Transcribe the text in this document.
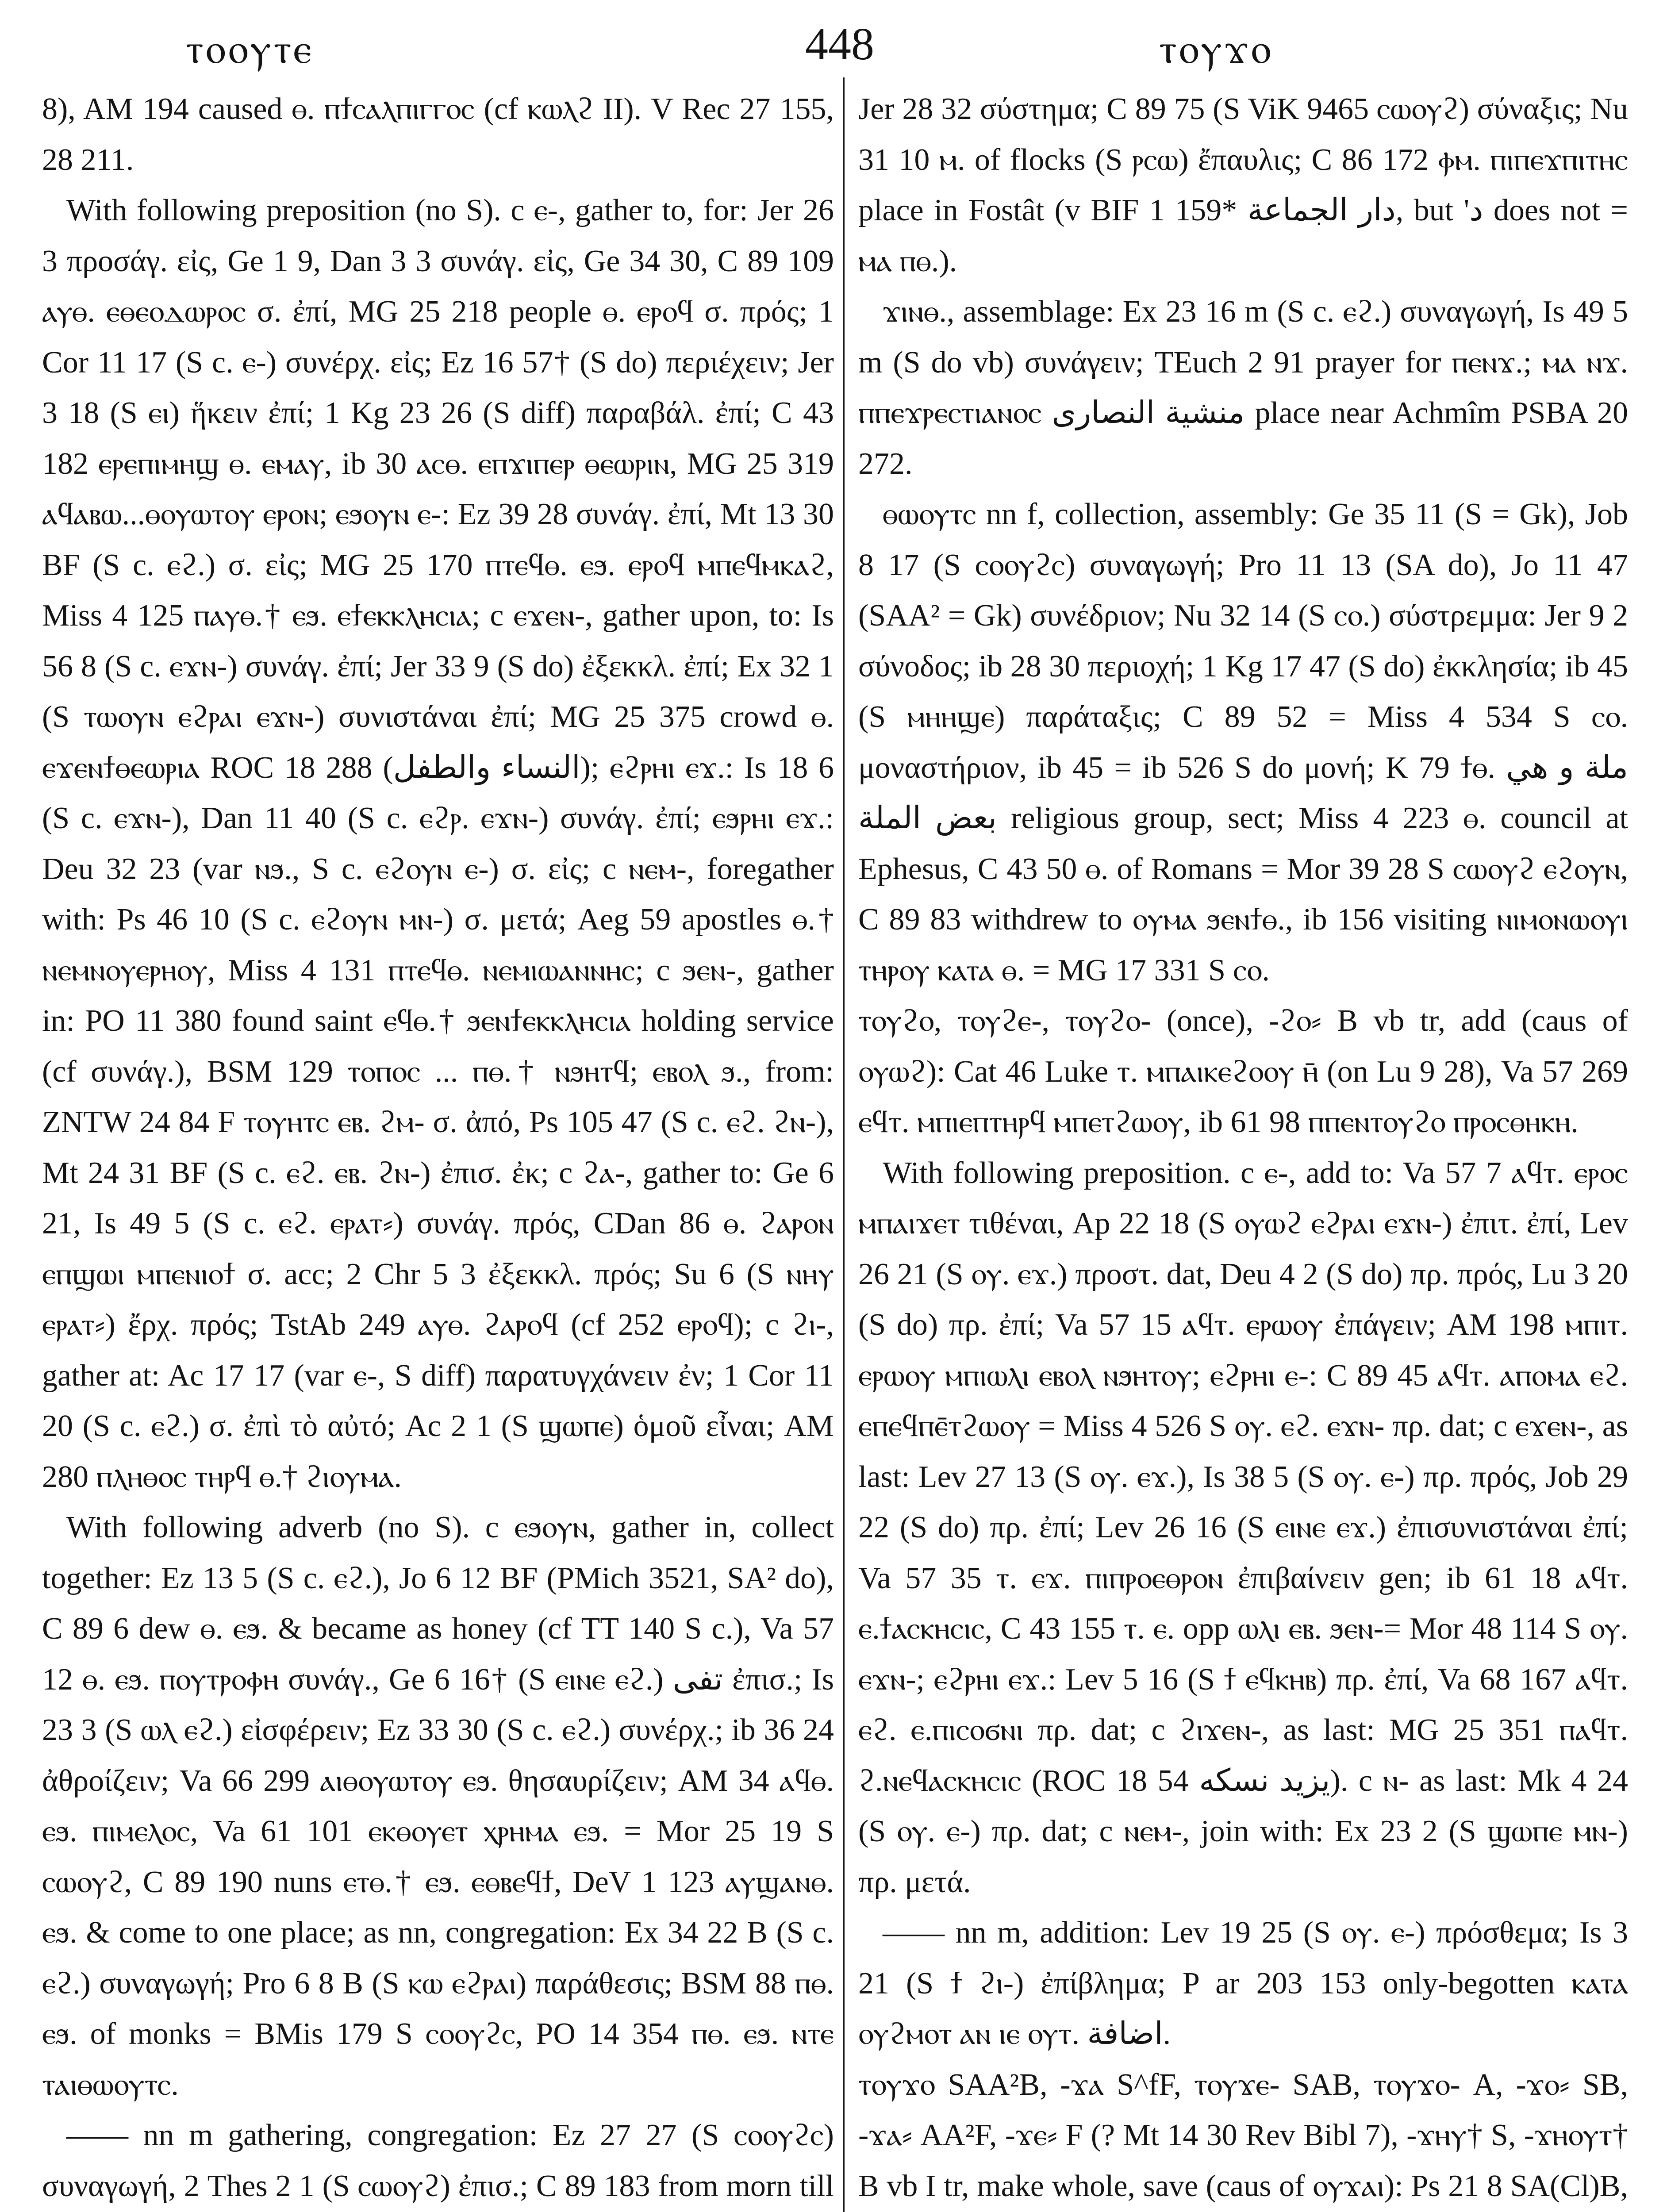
ⲧⲟⲟⲩⲧⲉ	448	ⲧⲟⲩϫⲟ

8), AM 194 caused ⲑ. ⲡϯⲥⲁⲗⲡⲓⲅⲅⲟⲥ (cf ⲕⲱⲗϩ II). V Rec 27 155, 28 211.

With following preposition (no S). c ⲉ-, gather to, for: Jer 26 3 προσάγ. εἰς, Ge 1 9, Dan 3 3 συνάγ. εἰς, Ge 34 30, C 89 109 ⲁⲩⲑ. ⲉⲑⲉⲟⲇⲱⲣⲟⲥ σ. ἐπί, MG 25 218 people ⲑ. ⲉⲣⲟϥ σ. πρός; 1 Cor 11 17 (S c. ⲉ-) συνέρχ. εἰς; Ez 16 57† (S do) περιέχειν; Jer 3 18 (S ⲉⲓ) ἥκειν ἐπί; 1 Kg 23 26 (S diff) παραβάλ. ἐπί; C 43 182 ⲉⲣⲉⲡⲓⲙⲏϣ ⲑ. ⲉⲙⲁⲩ, ib 30 ⲁⲥⲑ. ⲉⲡϫⲓⲡⲉⲣ ⲑⲉⲱⲣⲓⲛ, MG 25 319 ⲁϥⲁⲃⲱ...ⲑⲟⲩⲱⲧⲟⲩ ⲉⲣⲟⲛ; ⲉϧⲟⲩⲛ ⲉ-: Ez 39 28 συνάγ. ἐπί, Mt 13 30 BF (S c. ⲉϩ.) σ. εἰς; MG 25 170 ⲡⲧⲉϥⲑ. ⲉϧ. ⲉⲣⲟϥ ⲙⲡⲉϥⲙⲕⲁϩ, Miss 4 125 ⲡⲁⲩⲑ.† ⲉϧ. ⲉϯⲉⲕⲕⲗⲏⲥⲓⲁ; c ⲉϫⲉⲛ-, gather upon, to: Is 56 8 (S c. ⲉϫⲛ-) συνάγ. ἐπί; Jer 33 9 (S do) ἐξεκκλ. ἐπί; Ex 32 1 (S ⲧⲱⲟⲩⲛ ⲉϩⲣⲁⲓ ⲉϫⲛ-) συνιστάναι ἐπί; MG 25 375 crowd ⲑ. ⲉϫⲉⲛϯⲑⲉⲱⲣⲓⲁ ROC 18 288 (النساء والطفل); ⲉϩⲣⲏⲓ ⲉϫ.: Is 18 6 (S c. ⲉϫⲛ-), Dan 11 40 (S c. ⲉϩⲣ. ⲉϫⲛ-) συνάγ. ἐπί; ⲉϧⲣⲏⲓ ⲉϫ.: Deu 32 23 (var ⲛϧ., S c. ⲉϩⲟⲩⲛ ⲉ-) σ. εἰς; c ⲛⲉⲙ-, foregather with: Ps 46 10 (S c. ⲉϩⲟⲩⲛ ⲙⲛ-) σ. μετά; Aeg 59 apostles ⲑ.† ⲛⲉⲙⲛⲟⲩⲉⲣⲏⲟⲩ, Miss 4 131 ⲡⲧⲉϥⲑ. ⲛⲉⲙⲓⲱⲁⲛⲛⲏⲥ; c ϧⲉⲛ-, gather in: PO 11 380 found saint ⲉϥⲑ.† ϧⲉⲛϯⲉⲕⲕⲗⲏⲥⲓⲁ holding service (cf συνάγ.), BSM 129 ⲧⲟⲡⲟⲥ ... ⲡⲑ.† ⲛϧⲏⲧϥ; ⲉⲃⲟⲗ ϧ., from: ZNTW 24 84 F ⲧⲟⲩⲏⲧⲥ ⲉⲃ. ϩⲙ- σ. ἀπό, Ps 105 47 (S c. ⲉϩ. ϩⲛ-), Mt 24 31 BF (S c. ⲉϩ. ⲉⲃ. ϩⲛ-) ἐπισ. ἐκ; c ϩⲁ-, gather to: Ge 6 21, Is 49 5 (S c. ⲉϩ. ⲉⲣⲁⲧ⸗) συνάγ. πρός, CDan 86 ⲑ. ϩⲁⲣⲟⲛ ⲉⲡϣⲱⲓ ⲙⲡⲉⲛⲓⲟϯ σ. acc; 2 Chr 5 3 ἐξεκκλ. πρός; Su 6 (S ⲛⲏⲩ ⲉⲣⲁⲧ⸗) ἔρχ. πρός; TstAb 249 ⲁⲩⲑ. ϩⲁⲣⲟϥ (cf 252 ⲉⲣⲟϥ); c ϩⲓ-, gather at: Ac 17 17 (var ⲉ-, S diff) παρατυγχάνειν ἐν; 1 Cor 11 20 (S c. ⲉϩ.) σ. ἐπὶ τὸ αὐτό; Ac 2 1 (S ϣⲱⲡⲉ) ὁμοῦ εἶναι; AM 280 ⲡⲗⲏⲑⲟⲥ ⲧⲏⲣϥ ⲑ.† ϩⲓⲟⲩⲙⲁ.

With following adverb (no S). c ⲉϧⲟⲩⲛ, gather in, collect together: Ez 13 5 (S c. ⲉϩ.), Jo 6 12 BF (PMich 3521, SA² do), C 89 6 dew ⲑ. ⲉϧ. & became as honey (cf TT 140 S c.), Va 57 12 ⲑ. ⲉϧ. ⲡⲟⲩⲧⲣⲟⲫⲏ συνάγ., Ge 6 16† (S ⲉⲓⲛⲉ ⲉϩ.) تفى ἐπισ.; Is 23 3 (S ⲱⲗ ⲉϩ.) εἰσφέρειν; Ez 33 30 (S c. ⲉϩ.) συνέρχ.; ib 36 24 ἀθροίζειν; Va 66 299 ⲁⲓⲑⲟⲩⲱⲧⲟⲩ ⲉϧ. θησαυρίζειν; AM 34 ⲁϥⲑ. ⲉϧ. ⲡⲓⲙⲉⲗⲟⲥ, Va 61 101 ⲉⲕⲑⲟⲩⲉⲧ ⲭⲣⲏⲙⲁ ⲉϧ. = Mor 25 19 S ⲥⲱⲟⲩϩ, C 89 190 nuns ⲉⲧⲑ.† ⲉϧ. ⲉⲑⲃⲉϥϯ, DeV 1 123 ⲁⲩϣⲁⲛⲑ. ⲉϧ. & come to one place; as nn, congregation: Ex 34 22 B (S c. ⲉϩ.) συναγωγή; Pro 6 8 B (S ⲕⲱ ⲉϩⲣⲁⲓ) παράθεσις; BSM 88 ⲡⲑ. ⲉϧ. of monks = BMis 179 S ⲥⲟⲟⲩϩⲥ, PO 14 354 ⲡⲑ. ⲉϧ. ⲛⲧⲉ ⲧⲁⲓⲑⲱⲟⲩⲧⲥ.

—— nn m gathering, congregation: Ez 27 27 (S ⲥⲟⲟⲩϩⲥ) συναγωγή, 2 Thes 2 1 (S ⲥⲱⲟⲩϩ) ἐπισ.; C 89 183 from morn till

Jer 28 32 σύστημα; C 89 75 (S ViK 9465 ⲥⲱⲟⲩϩ) σύναξις; Nu 31 10 ⲙ. of flocks (S ⲣⲥⲱ) ἔπαυλις; C 86 172 ⲫⲙ. ⲡⲓⲡⲉϫⲡⲓⲧⲏⲥ place in Fostât (v BIF 1 159* دار الجماعة, but 'د does not = ⲙⲁ ⲡⲑ.).

ϫⲓⲛⲑ., assemblage: Ex 23 16 m (S c. ⲉϩ.) συναγωγή, Is 49 5 m (S do vb) συνάγειν; TEuch 2 91 prayer for ⲡⲉⲛϫ.; ⲙⲁ ⲛϫ. ⲡⲡⲉϫⲣⲉⲥⲧⲓⲁⲛⲟⲥ منشية النصارى place near Achmîm PSBA 20 272.

ⲑⲱⲟⲩⲧⲥ nn f, collection, assembly: Ge 35 11 (S = Gk), Job 8 17 (S ⲥⲟⲟⲩϩⲥ) συναγωγή; Pro 11 13 (SA do), Jo 11 47 (SAA² = Gk) συνέδριον; Nu 32 14 (S ⲥⲟ.) σύστρεμμα: Jer 9 2 σύνοδος; ib 28 30 περιοχή; 1 Kg 17 47 (S do) ἐκκλησία; ib 45 (S ⲙⲏⲏϣⲉ) παράταξις; C 89 52 = Miss 4 534 S ⲥⲟ. μοναστήριον, ib 45 = ib 526 S do μονή; K 79 ϯⲑ. ملة و هي بعض الملة religious group, sect; Miss 4 223 ⲑ. council at Ephesus, C 43 50 ⲑ. of Romans = Mor 39 28 S ⲥⲱⲟⲩϩ ⲉϩⲟⲩⲛ, C 89 83 withdrew to ⲟⲩⲙⲁ ϧⲉⲛϯⲑ., ib 156 visiting ⲛⲓⲙⲟⲛⲱⲟⲩⲓ ⲧⲏⲣⲟⲩ ⲕⲁⲧⲁ ⲑ. = MG 17 331 S ⲥⲟ.

ⲧⲟⲩϩⲟ, ⲧⲟⲩϩⲉ-, ⲧⲟⲩϩⲟ- (once), -ϩⲟ⸗ B vb tr, add (caus of ⲟⲩⲱϩ): Cat 46 Luke ⲧ. ⲙⲡⲁⲓⲕⲉϩⲟⲟⲩ ⲏ̄ (on Lu 9 28), Va 57 269 ⲉϥⲧ. ⲙⲡⲓⲉⲡⲧⲏⲣϥ ⲙⲡⲉⲧϩⲱⲟⲩ, ib 61 98 ⲡⲡⲉⲛⲧⲟⲩϩⲟ ⲡⲣⲟⲥⲑⲏⲕⲏ.

With following preposition. c ⲉ-, add to: Va 57 7 ⲁϥⲧ. ⲉⲣⲟⲥ ⲙⲡⲁⲓϫⲉⲧ τιθέναι, Ap 22 18 (S ⲟⲩⲱϩ ⲉϩⲣⲁⲓ ⲉϫⲛ-) ἐπιτ. ἐπί, Lev 26 21 (S ⲟⲩ. ⲉϫ.) προστ. dat, Deu 4 2 (S do) πρ. πρός, Lu 3 20 (S do) πρ. ἐπί; Va 57 15 ⲁϥⲧ. ⲉⲣⲱⲟⲩ ἐπάγειν; AM 198 ⲙⲡⲓⲧ. ⲉⲣⲱⲟⲩ ⲙⲡⲓⲱⲗⲓ ⲉⲃⲟⲗ ⲛϧⲏⲧⲟⲩ; ⲉϩⲣⲏⲓ ⲉ-: C 89 45 ⲁϥⲧ. ⲁⲡⲟⲙⲁ ⲉϩ. ⲉⲡⲉϥⲡⲉ̄ⲧϩⲱⲟⲩ = Miss 4 526 S ⲟⲩ. ⲉϩ. ⲉϫⲛ- πρ. dat; c ⲉϫⲉⲛ-, as last: Lev 27 13 (S ⲟⲩ. ⲉϫ.), Is 38 5 (S ⲟⲩ. ⲉ-) πρ. πρός, Job 29 22 (S do) πρ. ἐπί; Lev 26 16 (S ⲉⲓⲛⲉ ⲉϫ.) ἐπισυνιστάναι ἐπί; Va 57 35 ⲧ. ⲉϫ. ⲡⲓⲡⲣⲟⲉⲑⲣⲟⲛ ἐπιβαίνειν gen; ib 61 18 ⲁϥⲧ. ⲉ.ϯⲁⲥⲕⲏⲥⲓⲥ, C 43 155 ⲧ. ⲉ. opp ⲱⲗⲓ ⲉⲃ. ϧⲉⲛ-= Mor 48 114 S ⲟⲩ. ⲉϫⲛ-; ⲉϩⲣⲏⲓ ⲉϫ.: Lev 5 16 (S ϯ ⲉϥⲕⲏⲃ) πρ. ἐπί, Va 68 167 ⲁϥⲧ. ⲉϩ. ⲉ.ⲡⲓⲥⲟϭⲛⲓ πρ. dat; c ϩⲓϫⲉⲛ-, as last: MG 25 351 ⲡⲁϥⲧ. ϩ.ⲛⲉϥⲁⲥⲕⲏⲥⲓⲥ (ROC 18 54 يزيد نسكه). c ⲛ- as last: Mk 4 24 (S ⲟⲩ. ⲉ-) πρ. dat; c ⲛⲉⲙ-, join with: Ex 23 2 (S ϣⲱⲡⲉ ⲙⲛ-) πρ. μετά.

—— nn m, addition: Lev 19 25 (S ⲟⲩ. ⲉ-) πρόσθεμα; Is 3 21 (S ϯ ϩⲓ-) ἐπίβλημα; P ar 203 153 only-begotten ⲕⲁⲧⲁ ⲟⲩϩⲙⲟⲧ ⲁⲛ ⲓⲉ ⲟⲩⲧ. اضافة.

ⲧⲟⲩϫⲟ SAA²B, -ϫⲁ S^fF, ⲧⲟⲩϫⲉ- SAB, ⲧⲟⲩϫⲟ- A, -ϫⲟ⸗ SB, -ϫⲁ⸗ AA²F, -ϫⲉ⸗ F (? Mt 14 30 Rev Bibl 7), -ϫⲏⲩ† S, -ϫⲏⲟⲩⲧ† B vb I tr, make whole, save (caus of ⲟⲩϫⲁⲓ): Ps 21 8 SA(Cl)B,
